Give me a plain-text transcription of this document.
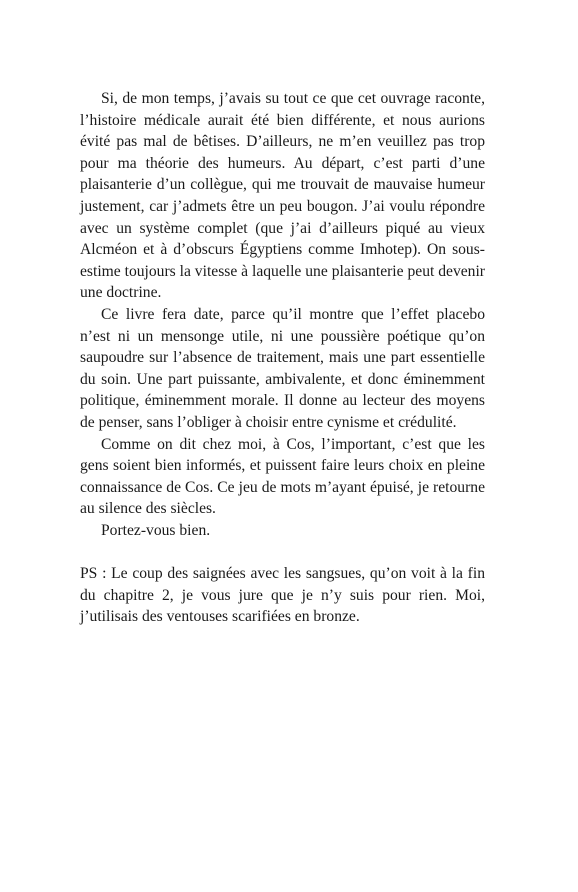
Si, de mon temps, j’avais su tout ce que cet ouvrage raconte, l’histoire médicale aurait été bien différente, et nous aurions évité pas mal de bêtises. D’ailleurs, ne m’en veuillez pas trop pour ma théorie des humeurs. Au départ, c’est parti d’une plaisanterie d’un collègue, qui me trouvait de mauvaise humeur justement, car j’admets être un peu bougon. J’ai voulu répondre avec un système complet (que j’ai d’ailleurs piqué au vieux Alcméon et à d’obscurs Égyptiens comme Imhotep). On sous-estime toujours la vitesse à laquelle une plaisanterie peut devenir une doctrine.

Ce livre fera date, parce qu’il montre que l’effet placebo n’est ni un mensonge utile, ni une poussière poétique qu’on saupoudre sur l’absence de traitement, mais une part essentielle du soin. Une part puissante, ambivalente, et donc éminemment politique, éminemment morale. Il donne au lecteur des moyens de penser, sans l’obliger à choisir entre cynisme et crédulité.

Comme on dit chez moi, à Cos, l’important, c’est que les gens soient bien informés, et puissent faire leurs choix en pleine connaissance de Cos. Ce jeu de mots m’ayant épuisé, je retourne au silence des siècles.

Portez-vous bien.

PS : Le coup des saignées avec les sangsues, qu’on voit à la fin du chapitre 2, je vous jure que je n’y suis pour rien. Moi, j’utilisais des ventouses scarifiées en bronze.
